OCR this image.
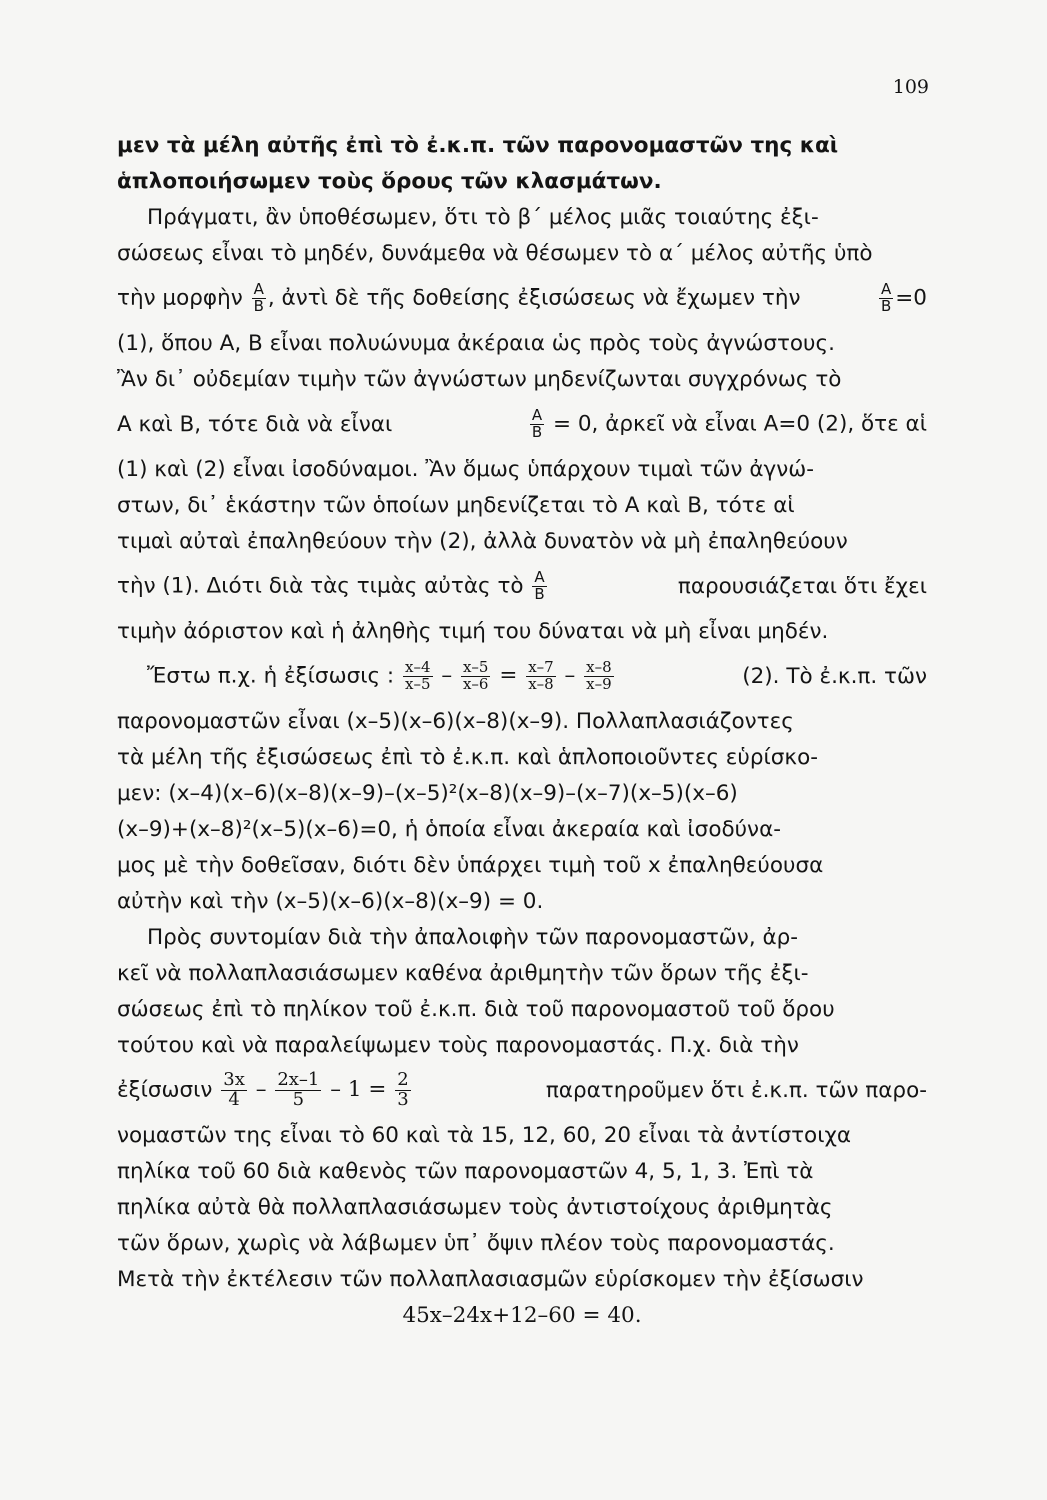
109
μεν τὰ μέλη αὐτῆς ἐπὶ τὸ ἐ.κ.π. τῶν παρονομαστῶν της καὶ
ἁπλοποιήσωμεν τοὺς ὅρους τῶν κλασμάτων.
Πράγματι, ἂν ὑποθέσωμεν, ὅτι τὸ β΄ μέλος μιᾶς τοιαύτης ἐξι-
σώσεως εἶναι τὸ μηδέν, δυνάμεθα νὰ θέσωμεν τὸ α΄ μέλος αὐτῆς ὑπὸ
τὴν μορφὴν $\frac{A}{B}$ , ἀντὶ δὲ τῆς δοθείσης ἐξισώσεως νὰ ἔχωμεν τὴν	$\frac{A}{B} =0$
(1), ὅπου Α, Β εἶναι πολυώνυμα ἀκέραια ὡς πρὸς τοὺς ἀγνώστους.
Ἂν δι᾽ οὐδεμίαν τιμὴν τῶν ἀγνώστων μηδενίζωνται συγχρόνως τὸ
Α καὶ Β, τότε διὰ νὰ εἶναι	$\frac{A}{B} = 0$, ἀρκεῖ νὰ εἶναι Α=0 (2), ὅτε αἱ
(1) καὶ (2) εἶναι ἰσοδύναμοι. Ἂν ὅμως ὑπάρχουν τιμαὶ τῶν ἀγνώ-
στων, δι᾽ ἑκάστην τῶν ὁποίων μηδενίζεται τὸ Α καὶ Β, τότε αἱ
τιμαὶ αὐταὶ ἐπαληθεύουν τὴν (2), ἀλλὰ δυνατὸν νὰ μὴ ἐπαληθεύουν
τὴν (1). Διότι διὰ τὰς τιμὰς αὐτὰς τὸ $\frac{A}{B}$	παρουσιάζεται ὅτι ἔχει
τιμὴν ἀόριστον καὶ ἡ ἀληθὴς τιμή του δύναται νὰ μὴ εἶναι μηδέν.
Ἔστω π.χ. ἡ ἐξίσωσις : $\frac{x-4}{x-5} - \frac{x-5}{x-6} = \frac{x-7}{x-8} - \frac{x-8}{x-9}$	(2). Τὸ ἐ.κ.π. τῶν
παρονομαστῶν εἶναι (x–5)(x–6)(x–8)(x–9). Πολλαπλασιάζοντες
τὰ μέλη τῆς ἐξισώσεως ἐπὶ τὸ ἐ.κ.π. καὶ ἁπλοποιοῦντες εὑρίσκο-
μεν: (x–4)(x–6)(x–8)(x–9)–(x–5)²(x–8)(x–9)–(x–7)(x–5)(x–6)
(x–9)+(x–8)²(x–5)(x–6)=0, ἡ ὁποία εἶναι ἀκεραία καὶ ἰσοδύνα-
μος μὲ τὴν δοθεῖσαν, διότι δὲν ὑπάρχει τιμὴ τοῦ x ἐπαληθεύουσα
αὐτὴν καὶ τὴν (x–5)(x–6)(x–8)(x–9) = 0.
Πρὸς συντομίαν διὰ τὴν ἀπαλοιφὴν τῶν παρονομαστῶν, ἀρ-
κεῖ νὰ πολλαπλασιάσωμεν καθένα ἀριθμητὴν τῶν ὅρων τῆς ἐξι-
σώσεως ἐπὶ τὸ πηλίκον τοῦ ἐ.κ.π. διὰ τοῦ παρονομαστοῦ τοῦ ὅρου
τούτου καὶ νὰ παραλείψωμεν τοὺς παρονομαστάς. Π.χ. διὰ τὴν
ἐξίσωσιν $\frac{3x}{4} - \frac{2x-1}{5} - 1 = \frac{2}{3}$	παρατηροῦμεν ὅτι ἐ.κ.π. τῶν παρο-
νομαστῶν της εἶναι τὸ 60 καὶ τὰ 15, 12, 60, 20 εἶναι τὰ ἀντίστοιχα
πηλίκα τοῦ 60 διὰ καθενὸς τῶν παρονομαστῶν 4, 5, 1, 3. Ἐπὶ τὰ
πηλίκα αὐτὰ θὰ πολλαπλασιάσωμεν τοὺς ἀντιστοίχους ἀριθμητὰς
τῶν ὅρων, χωρὶς νὰ λάβωμεν ὑπ᾽ ὄψιν πλέον τοὺς παρονομαστάς.
Μετὰ τὴν ἐκτέλεσιν τῶν πολλαπλασιασμῶν εὑρίσκομεν τὴν ἐξίσωσιν
45x–24x+12–60 = 40.
